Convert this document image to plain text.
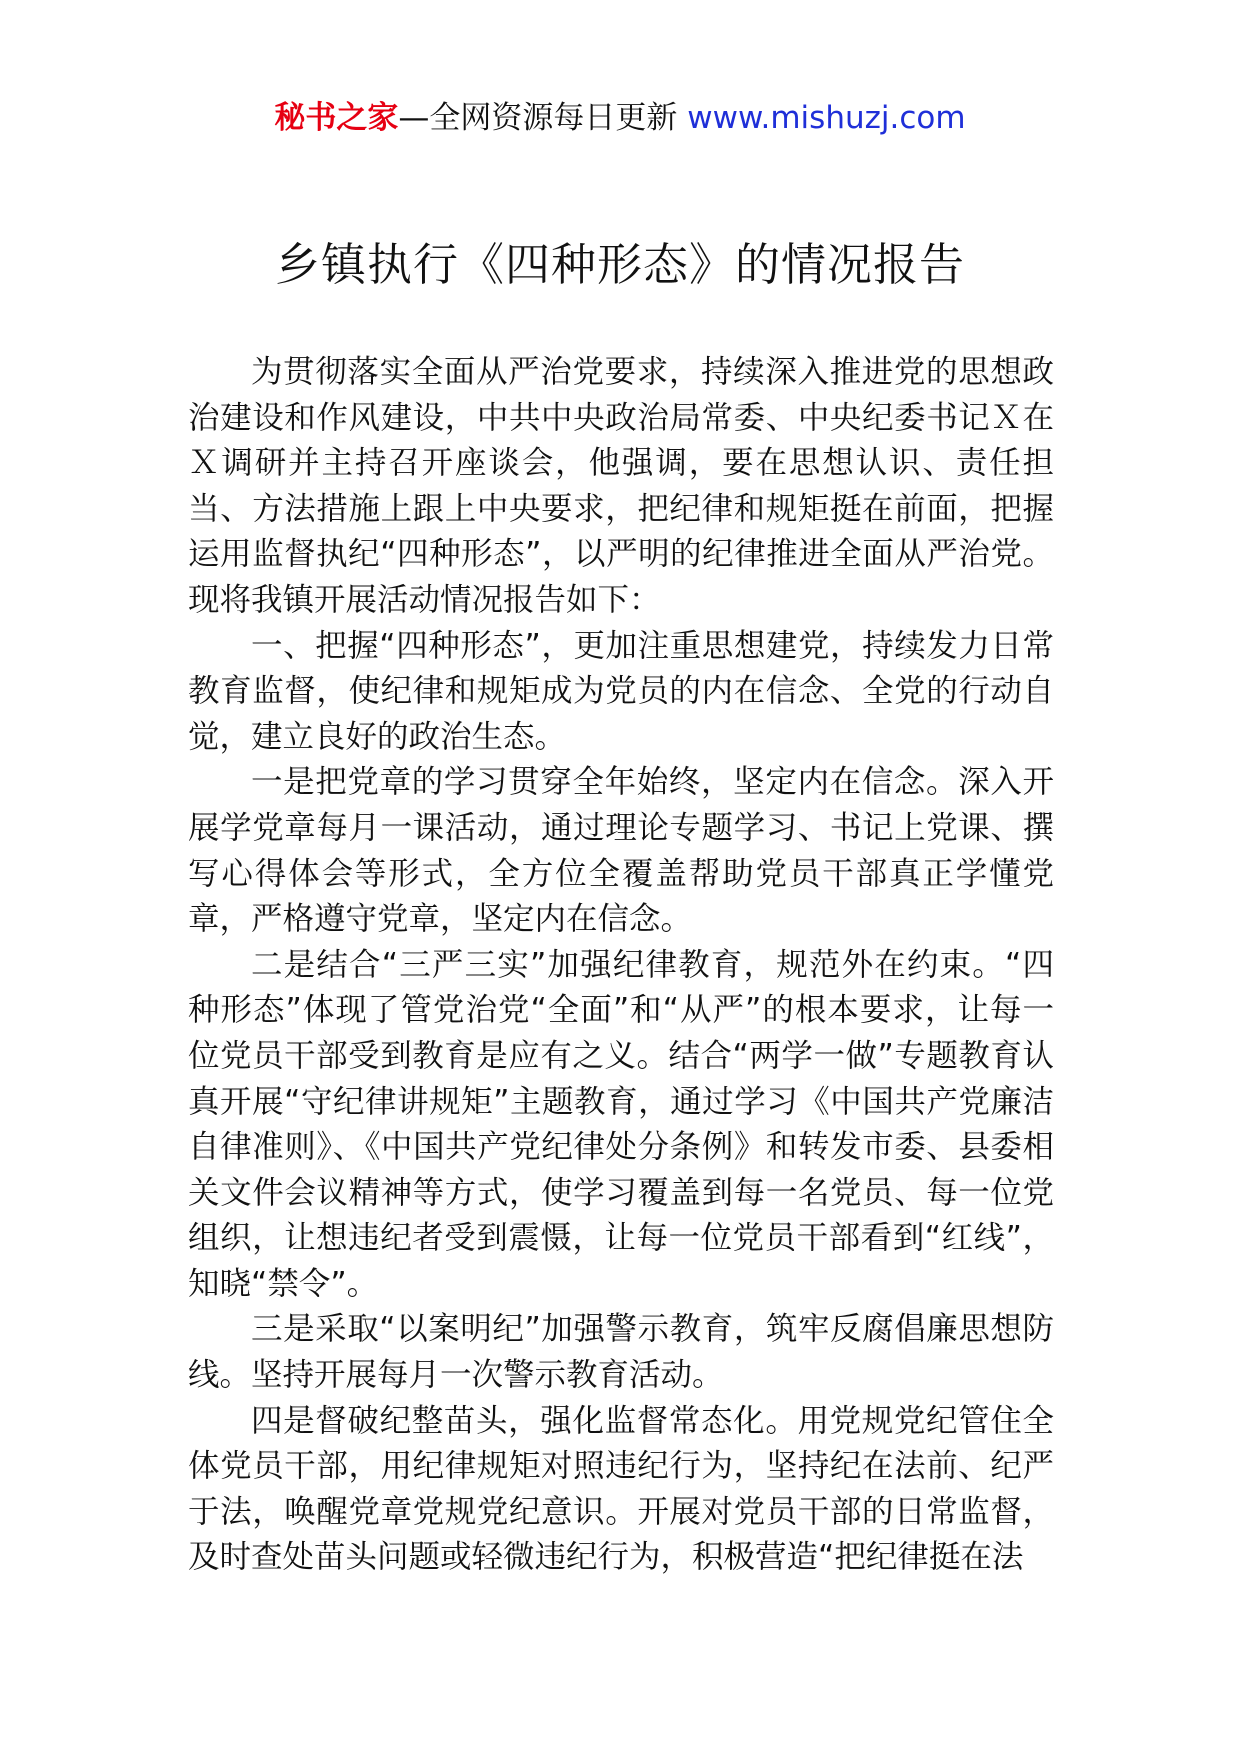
秘书之家—全网资源每日更新 www.mishuzj.com
乡镇执行《四种形态》的情况报告

为贯彻落实全面从严治党要求，持续深入推进党的思想政治建设和作风建设，中共中央政治局常委、中央纪委书记Ｘ在Ｘ调研并主持召开座谈会，他强调，要在思想认识、责任担当、方法措施上跟上中央要求，把纪律和规矩挺在前面，把握运用监督执纪“四种形态”，以严明的纪律推进全面从严治党。现将我镇开展活动情况报告如下：

一、把握“四种形态”，更加注重思想建党，持续发力日常教育监督，使纪律和规矩成为党员的内在信念、全党的行动自觉，建立良好的政治生态。

一是把党章的学习贯穿全年始终，坚定内在信念。深入开展学党章每月一课活动，通过理论专题学习、书记上党课、撰写心得体会等形式，全方位全覆盖帮助党员干部真正学懂党章，严格遵守党章，坚定内在信念。

二是结合“三严三实”加强纪律教育，规范外在约束。“四种形态”体现了管党治党“全面”和“从严”的根本要求，让每一位党员干部受到教育是应有之义。结合“两学一做”专题教育认真开展“守纪律讲规矩”主题教育，通过学习《中国共产党廉洁自律准则》、《中国共产党纪律处分条例》和转发市委、县委相关文件会议精神等方式，使学习覆盖到每一名党员、每一位党组织，让想违纪者受到震慑，让每一位党员干部看到“红线”，知晓“禁令”。

三是采取“以案明纪”加强警示教育，筑牢反腐倡廉思想防线。坚持开展每月一次警示教育活动。

四是督破纪整苗头，强化监督常态化。用党规党纪管住全体党员干部，用纪律规矩对照违纪行为，坚持纪在法前、纪严于法，唤醒党章党规党纪意识。开展对党员干部的日常监督，及时查处苗头问题或轻微违纪行为，积极营造“把纪律挺在法
